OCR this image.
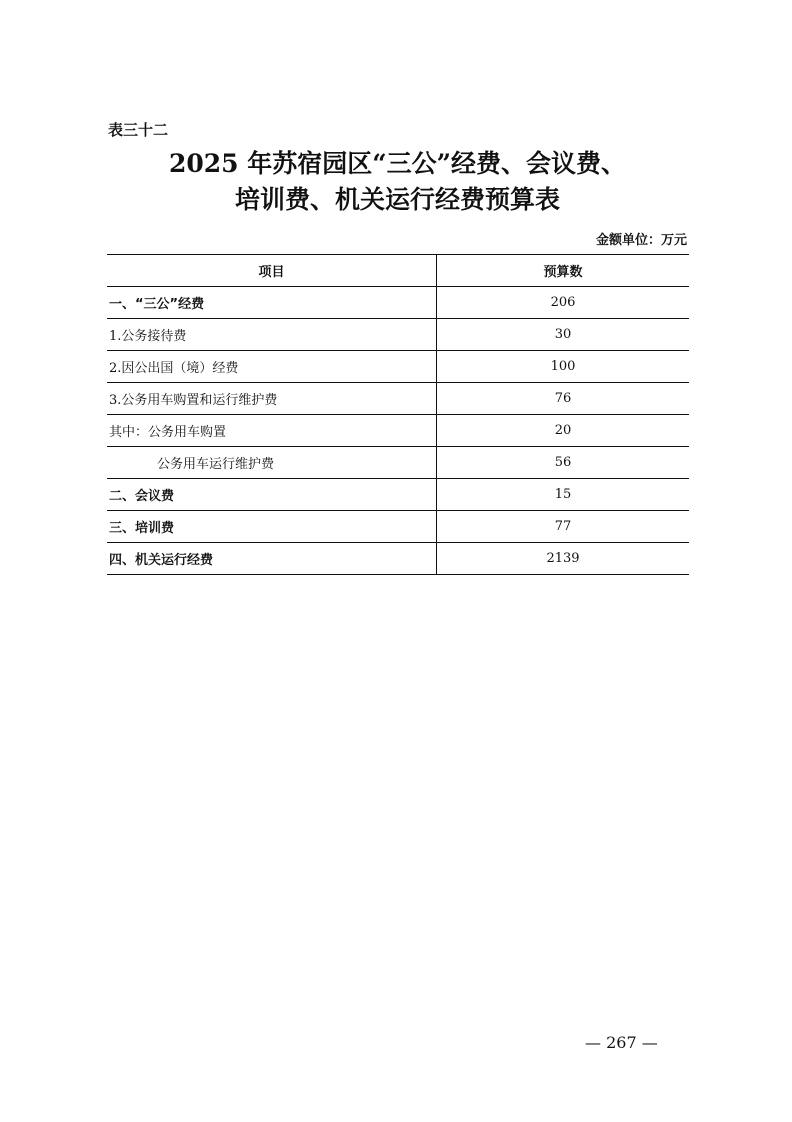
表三十二
2025 年苏宿园区“三公”经费、会议费、
培训费、机关运行经费预算表
金额单位：万元
项目	预算数
一、“三公”经费	206
1.公务接待费	30
2.因公出国（境）经费	100
3.公务用车购置和运行维护费	76
其中：公务用车购置	20
公务用车运行维护费	56
二、会议费	15
三、培训费	77
四、机关运行经费	2139
— 267 —
